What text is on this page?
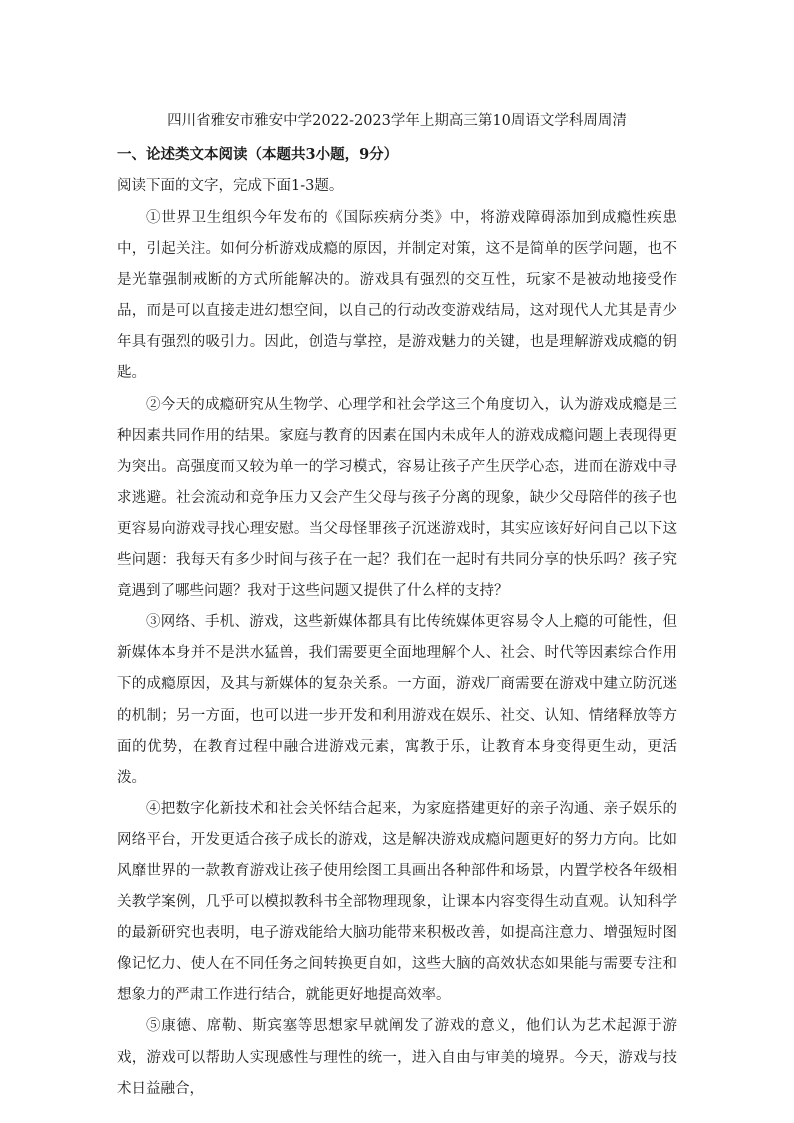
四川省雅安市雅安中学2022-2023学年上期高三第10周语文学科周周清
一、论述类文本阅读（本题共3小题，9分）
阅读下面的文字，完成下面1-3题。

①世界卫生组织今年发布的《国际疾病分类》中，将游戏障碍添加到成瘾性疾患中，引起关注。如何分析游戏成瘾的原因，并制定对策，这不是简单的医学问题，也不是光靠强制戒断的方式所能解决的。游戏具有强烈的交互性，玩家不是被动地接受作品，而是可以直接走进幻想空间，以自己的行动改变游戏结局，这对现代人尤其是青少年具有强烈的吸引力。因此，创造与掌控，是游戏魅力的关键，也是理解游戏成瘾的钥匙。

②今天的成瘾研究从生物学、心理学和社会学这三个角度切入，认为游戏成瘾是三种因素共同作用的结果。家庭与教育的因素在国内未成年人的游戏成瘾问题上表现得更为突出。高强度而又较为单一的学习模式，容易让孩子产生厌学心态，进而在游戏中寻求逃避。社会流动和竞争压力又会产生父母与孩子分离的现象，缺少父母陪伴的孩子也更容易向游戏寻找心理安慰。当父母怪罪孩子沉迷游戏时，其实应该好好问自己以下这些问题：我每天有多少时间与孩子在一起？我们在一起时有共同分享的快乐吗？孩子究竟遇到了哪些问题？我对于这些问题又提供了什么样的支持？

③网络、手机、游戏，这些新媒体都具有比传统媒体更容易令人上瘾的可能性，但新媒体本身并不是洪水猛兽，我们需要更全面地理解个人、社会、时代等因素综合作用下的成瘾原因，及其与新媒体的复杂关系。一方面，游戏厂商需要在游戏中建立防沉迷的机制；另一方面，也可以进一步开发和利用游戏在娱乐、社交、认知、情绪释放等方面的优势，在教育过程中融合进游戏元素，寓教于乐，让教育本身变得更生动，更活泼。

④把数字化新技术和社会关怀结合起来，为家庭搭建更好的亲子沟通、亲子娱乐的网络平台，开发更适合孩子成长的游戏，这是解决游戏成瘾问题更好的努力方向。比如风靡世界的一款教育游戏让孩子使用绘图工具画出各种部件和场景，内置学校各年级相关教学案例，几乎可以模拟教科书全部物理现象，让课本内容变得生动直观。认知科学的最新研究也表明，电子游戏能给大脑功能带来积极改善，如提高注意力、增强短时图像记忆力、使人在不同任务之间转换更自如，这些大脑的高效状态如果能与需要专注和想象力的严肃工作进行结合，就能更好地提高效率。

⑤康德、席勒、斯宾塞等思想家早就阐发了游戏的意义，他们认为艺术起源于游戏，游戏可以帮助人实现感性与理性的统一，进入自由与审美的境界。今天，游戏与技术日益融合，
